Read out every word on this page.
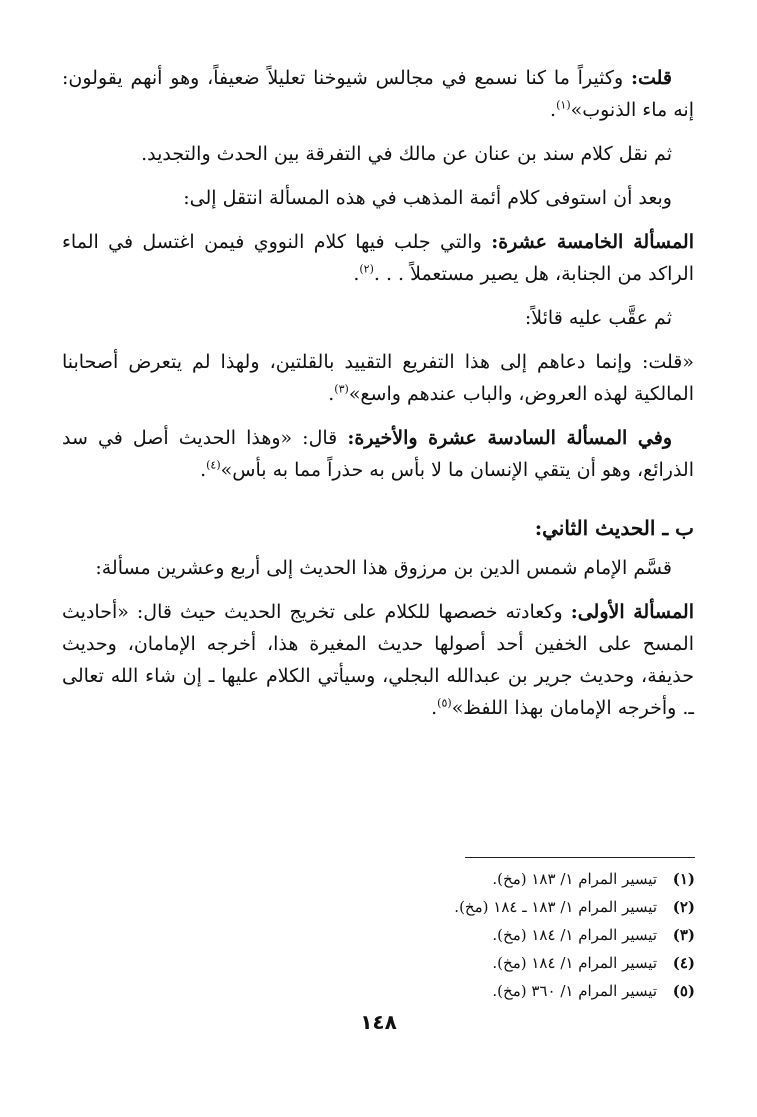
قلت: وكثيراً ما كنا نسمع في مجالس شيوخنا تعليلاً ضعيفاً، وهو أنهم يقولون: إنه ماء الذنوب»$^{(١)}$.

ثم نقل كلام سند بن عنان عن مالك في التفرقة بين الحدث والتجديد.

وبعد أن استوفى كلام أئمة المذهب في هذه المسألة انتقل إلى:

المسألة الخامسة عشرة: والتي جلب فيها كلام النووي فيمن اغتسل في الماء الراكد من الجنابة، هل يصير مستعملاً . . .$^{(٢)}$.

ثم عقَّب عليه قائلاً:

«قلت: وإنما دعاهم إلى هذا التفريع التقييد بالقلتين، ولهذا لم يتعرض أصحابنا المالكية لهذه العروض، والباب عندهم واسع»$^{(٣)}$.

وفي المسألة السادسة عشرة والأخيرة: قال: «وهذا الحديث أصل في سد الذرائع، وهو أن يتقي الإنسان ما لا بأس به حذراً مما به بأس»$^{(٤)}$.

ب ـ الحديث الثاني:

قسَّم الإمام شمس الدين بن مرزوق هذا الحديث إلى أربع وعشرين مسألة:

المسألة الأولى: وكعادته خصصها للكلام على تخريج الحديث حيث قال: «أحاديث المسح على الخفين أحد أصولها حديث المغيرة هذا، أخرجه الإمامان، وحديث حذيفة، وحديث جرير بن عبدالله البجلي، وسيأتي الكلام عليها ـ إن شاء الله تعالى ـ. وأخرجه الإمامان بهذا اللفظ»$^{(٥)}$.

(١)
تيسير المرام ١/ ١٨٣ (مخ).
(٢)
تيسير المرام ١/ ١٨٣ ـ ١٨٤ (مخ).
(٣)
تيسير المرام ١/ ١٨٤ (مخ).
(٤)
تيسير المرام ١/ ١٨٤ (مخ).
(٥)
تيسير المرام ١/ ٣٦٠ (مخ).
١٤٨
